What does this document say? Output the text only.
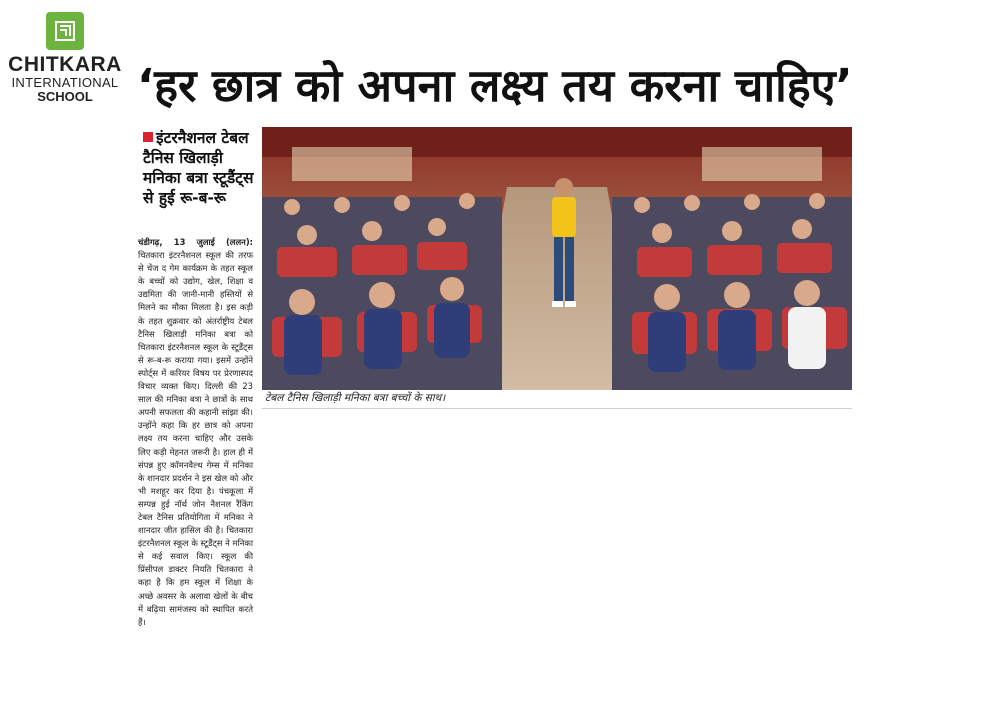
CHITKARA
INTERNATIONAL
SCHOOL ‘हर छात्र को अपना लक्ष्य तय करना चाहिए’
इंटरनैशनल टेबल टैनिस खिलाड़ी मनिका बत्रा स्टूडैंट्स से हुई रू-ब-रू
चंडीगढ़, 13 जुलाई (ललन): चितकारा इंटरनैशनल स्कूल की तरफ से चेंज द गेम कार्यक्रम के तहत स्कूल के बच्चों को उद्योग, खेल, शिक्षा व उद्यमिता की जानी-मानी हस्तियों से मिलने का मौका मिलता है। इस कड़ी के तहत शुक्रवार को अंतर्राष्ट्रीय टेबल टैनिस खिलाड़ी मनिका बत्रा को चितकारा इंटरनैशनल स्कूल के स्टूडैंट्स से रू-ब-रू कराया गया। इसमें उन्होंने स्पोर्ट्स में करियर विषय पर प्रेरणास्पद विचार व्यक्त किए। दिल्ली की 23 साल की मनिका बत्रा ने छात्रों के साथ अपनी सफलता की कहानी सांझा की। उन्होंने कहा कि हर छात्र को अपना लक्ष्य तय करना चाहिए और उसके लिए कड़ी मेहनत जरूरी है। हाल ही में संपन्न हुए कॉमनवैल्थ गेम्स में मनिका के शानदार प्रदर्शन ने इस खेल को और भी मशहूर कर दिया है। पंचकूला में सम्पन्न हुई नॉर्थ जोन नैशनल रैंकिंग टेबल टैनिस प्रतियोगिता में मनिका ने शानदार जीत हासिल की है। चितकारा इंटरनैशनल स्कूल के स्टूडैंट्स ने मनिका से कई सवाल किए। स्कूल की प्रिंसीपल डाक्टर नियति चितकारा ने कहा है कि हम स्कूल में शिक्षा के अच्छे अवसर के अलावा खेलों के बीच में बढ़िया सामंजस्य को स्थापित करते हैं।
टेबल टैनिस खिलाड़ी मनिका बत्रा बच्चों के साथ।
